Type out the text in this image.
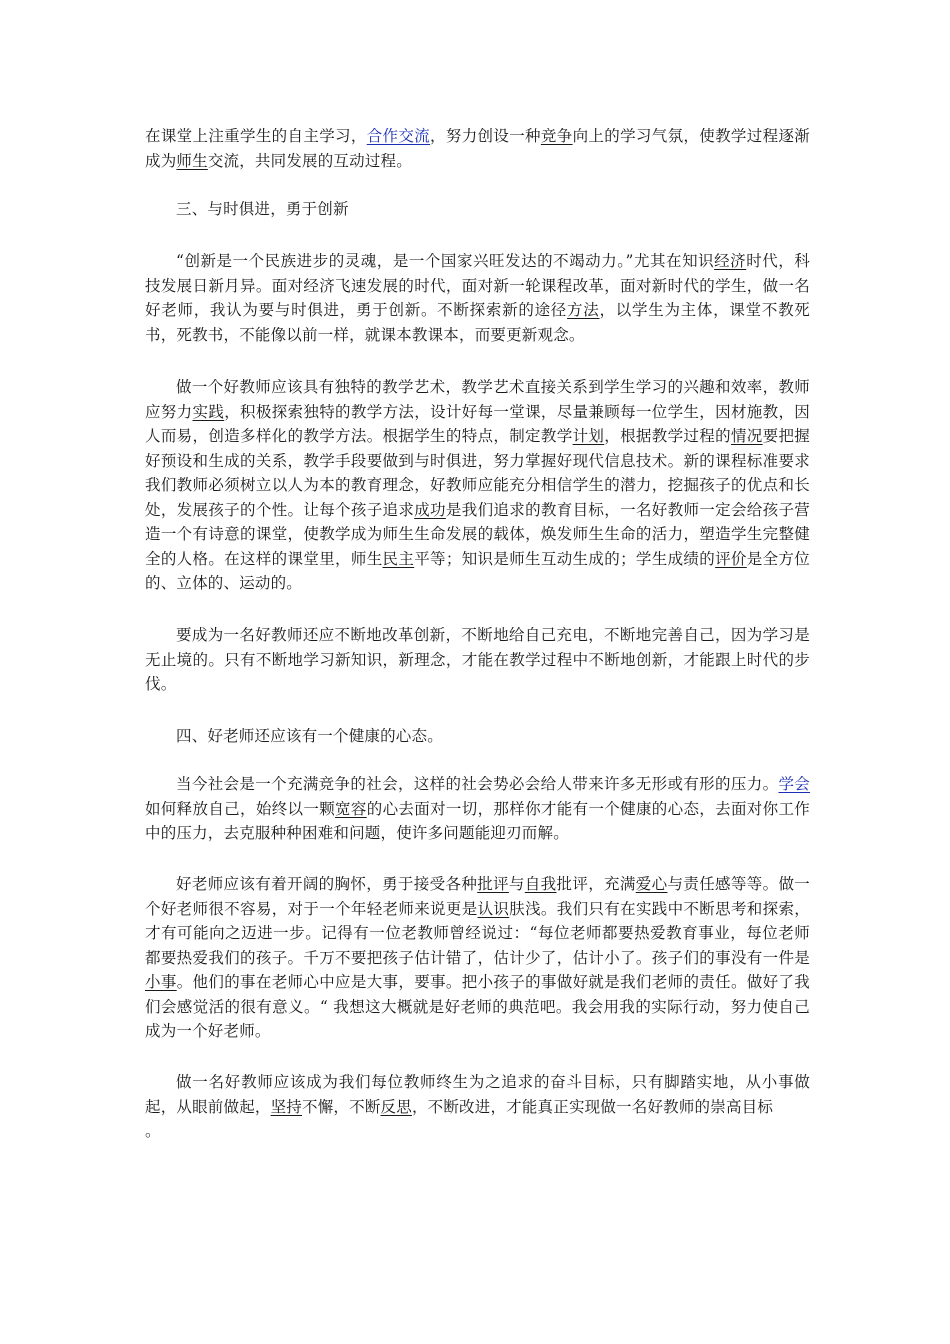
在课堂上注重学生的自主学习，合作交流，努力创设一种竞争向上的学习气氛，使教学过程逐渐成为师生交流，共同发展的互动过程。

三、与时俱进，勇于创新

“创新是一个民族进步的灵魂，是一个国家兴旺发达的不竭动力。”尤其在知识经济时代，科技发展日新月异。面对经济飞速发展的时代，面对新一轮课程改革，面对新时代的学生，做一名好老师，我认为要与时俱进，勇于创新。不断探索新的途径方法，以学生为主体，课堂不教死书，死教书，不能像以前一样，就课本教课本，而要更新观念。

做一个好教师应该具有独特的教学艺术，教学艺术直接关系到学生学习的兴趣和效率，教师应努力实践，积极探索独特的教学方法，设计好每一堂课，尽量兼顾每一位学生，因材施教，因人而易，创造多样化的教学方法。根据学生的特点，制定教学计划，根据教学过程的情况要把握好预设和生成的关系，教学手段要做到与时俱进，努力掌握好现代信息技术。新的课程标准要求我们教师必须树立以人为本的教育理念，好教师应能充分相信学生的潜力，挖掘孩子的优点和长处，发展孩子的个性。让每个孩子追求成功是我们追求的教育目标，一名好教师一定会给孩子营造一个有诗意的课堂，使教学成为师生生命发展的载体，焕发师生生命的活力，塑造学生完整健全的人格。在这样的课堂里，师生民主平等；知识是师生互动生成的；学生成绩的评价是全方位的、立体的、运动的。

要成为一名好教师还应不断地改革创新，不断地给自己充电，不断地完善自己，因为学习是无止境的。只有不断地学习新知识，新理念，才能在教学过程中不断地创新，才能跟上时代的步伐。

四、好老师还应该有一个健康的心态。

当今社会是一个充满竞争的社会，这样的社会势必会给人带来许多无形或有形的压力。学会如何释放自己，始终以一颗宽容的心去面对一切，那样你才能有一个健康的心态，去面对你工作中的压力，去克服种种困难和问题，使许多问题能迎刃而解。

好老师应该有着开阔的胸怀，勇于接受各种批评与自我批评，充满爱心与责任感等等。做一个好老师很不容易，对于一个年轻老师来说更是认识肤浅。我们只有在实践中不断思考和探索，才有可能向之迈进一步。记得有一位老教师曾经说过：“每位老师都要热爱教育事业，每位老师都要热爱我们的孩子。千万不要把孩子估计错了，估计少了，估计小了。孩子们的事没有一件是小事。他们的事在老师心中应是大事，要事。把小孩子的事做好就是我们老师的责任。做好了我们会感觉活的很有意义。“ 我想这大概就是好老师的典范吧。我会用我的实际行动，努力使自己成为一个好老师。

做一名好教师应该成为我们每位教师终生为之追求的奋斗目标，只有脚踏实地，从小事做起，从眼前做起，坚持不懈，不断反思，不断改进，才能真正实现做一名好教师的崇高目标
。
